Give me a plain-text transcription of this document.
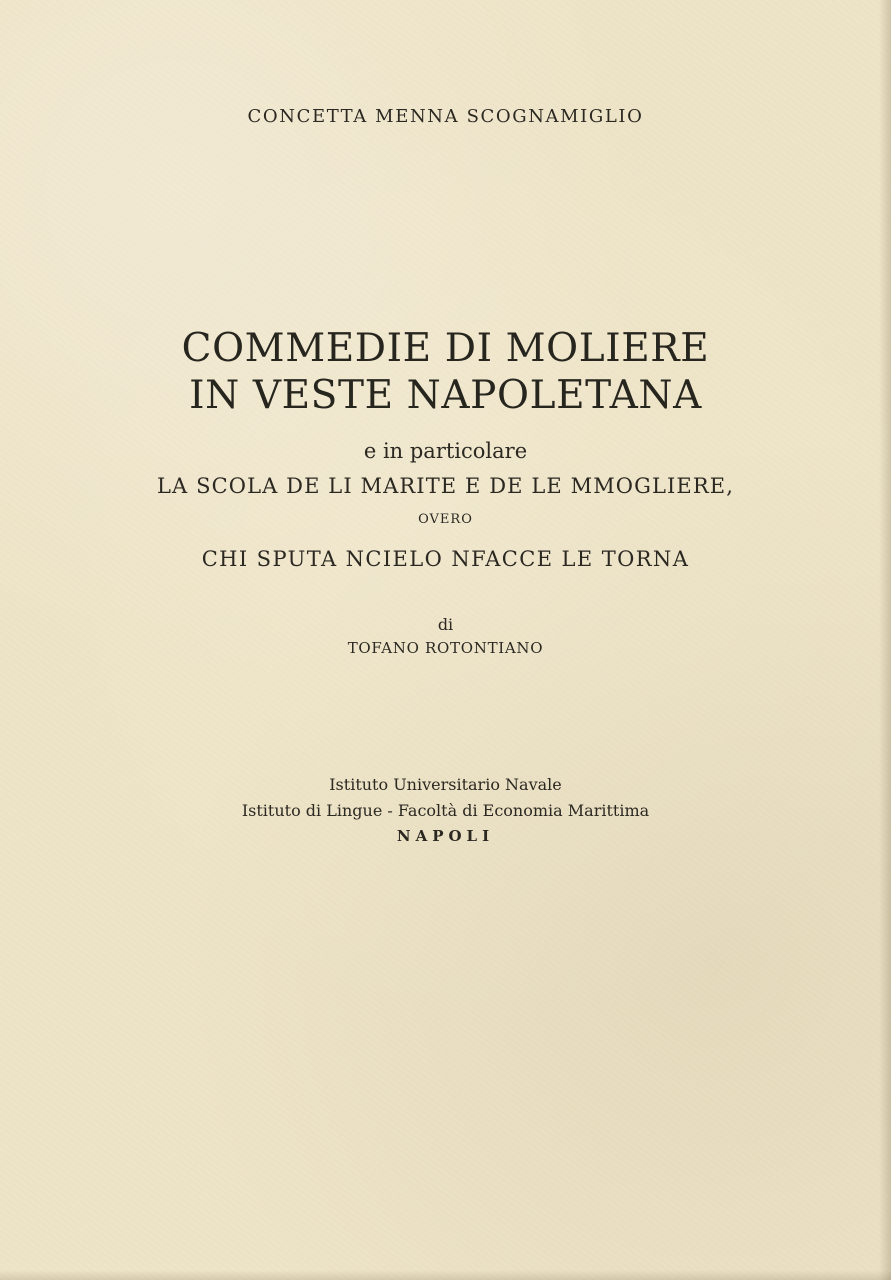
CONCETTA MENNA SCOGNAMIGLIO

COMMEDIE DI MOLIERE
IN VESTE NAPOLETANA

e in particolare

LA SCOLA DE LI MARITE E DE LE MMOGLIERE,

OVERO

CHI SPUTA NCIELO NFACCE LE TORNA

di

TOFANO ROTONTIANO

Istituto Universitario Navale

Istituto di Lingue - Facoltà di Economia Marittima

NAPOLI
